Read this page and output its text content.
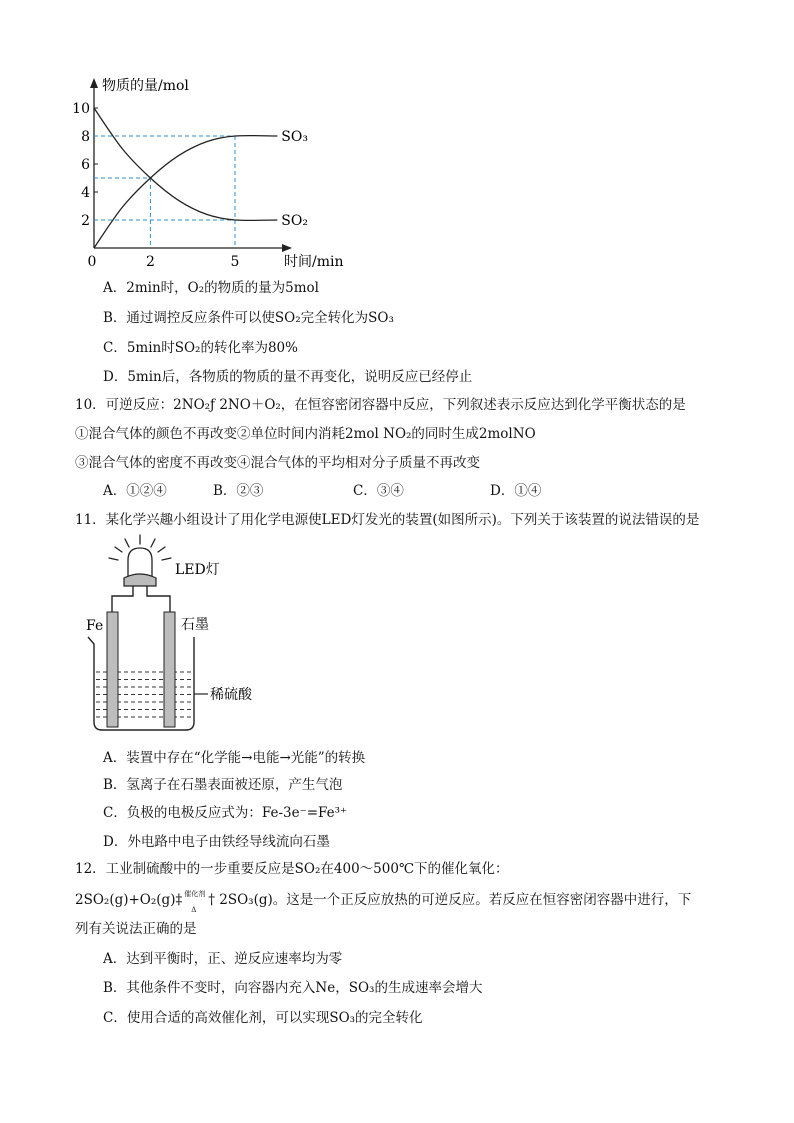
物质的量/mol
时间/min
10
8
6
4
2
0	2	5
SO₃
SO₂
A．2min时，O₂的物质的量为5mol
B．通过调控反应条件可以使SO₂完全转化为SO₃
C．5min时SO₂的转化率为80%
D．5min后，各物质的物质的量不再变化，说明反应已经停止
10．可逆反应：2NO₂ƒ 2NO＋O₂，在恒容密闭容器中反应，下列叙述表示反应达到化学平衡状态的是
①混合气体的颜色不再改变②单位时间内消耗2mol NO₂的同时生成2molNO
③混合气体的密度不再改变④混合气体的平均相对分子质量不再改变
A．①②④	B．②③	C．③④	D．①④
11．某化学兴趣小组设计了用化学电源使LED灯发光的装置(如图所示)。下列关于该装置的说法错误的是
LED灯
Fe	石墨
稀硫酸
A．装置中存在“化学能→电能→光能”的转换
B．氢离子在石墨表面被还原，产生气泡
C．负极的电极反应式为：Fe-3e⁻=Fe³⁺
D．外电路中电子由铁经导线流向石墨
12．工业制硫酸中的一步重要反应是SO₂在400～500℃下的催化氧化：
2SO₂(g)+O₂(g)‡ 催化剂
Δ
† 2SO₃(g)。这是一个正反应放热的可逆反应。若反应在恒容密闭容器中进行，下
列有关说法正确的是
A．达到平衡时，正、逆反应速率均为零
B．其他条件不变时，向容器内充入Ne，SO₃的生成速率会增大
C．使用合适的高效催化剂，可以实现SO₃的完全转化
